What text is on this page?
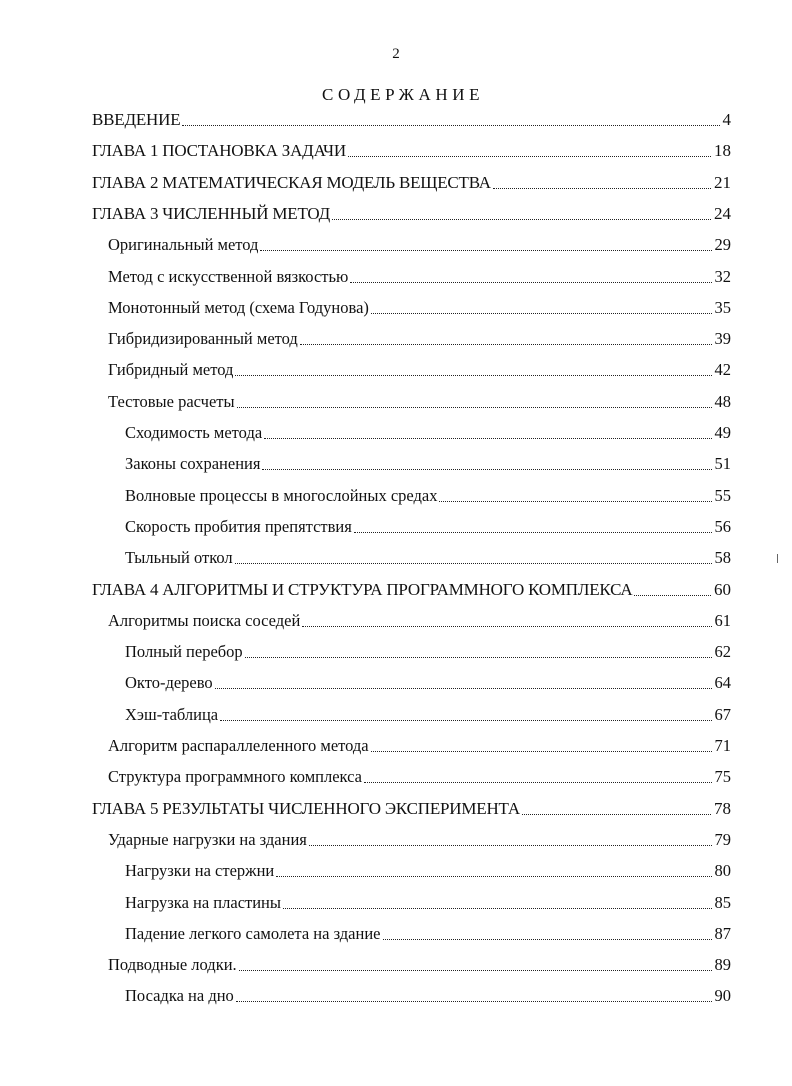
2
СОДЕРЖАНИЕ
ВВЕДЕНИЕ	4
ГЛАВА 1 ПОСТАНОВКА ЗАДАЧИ	18
ГЛАВА 2 МАТЕМАТИЧЕСКАЯ МОДЕЛЬ ВЕЩЕСТВА	21
ГЛАВА 3 ЧИСЛЕННЫЙ МЕТОД	24
Оригинальный метод	29
Метод с искусственной вязкостью	32
Монотонный метод (схема Годунова)	35
Гибридизированный метод	39
Гибридный метод	42
Тестовые расчеты	48
Сходимость метода	49
Законы сохранения	51
Волновые процессы в многослойных средах	55
Скорость пробития препятствия	56
Тыльный откол	58
ГЛАВА 4 АЛГОРИТМЫ И СТРУКТУРА ПРОГРАММНОГО КОМПЛЕКСА	60
Алгоритмы поиска соседей	61
Полный перебор	62
Окто-дерево	64
Хэш-таблица	67
Алгоритм распараллеленного метода	71
Структура программного комплекса	75
ГЛАВА 5 РЕЗУЛЬТАТЫ ЧИСЛЕННОГО ЭКСПЕРИМЕНТА	78
Ударные нагрузки на здания	79
Нагрузки на стержни	80
Нагрузка на пластины	85
Падение легкого самолета на здание	87
Подводные лодки.	89
Посадка на дно	90
